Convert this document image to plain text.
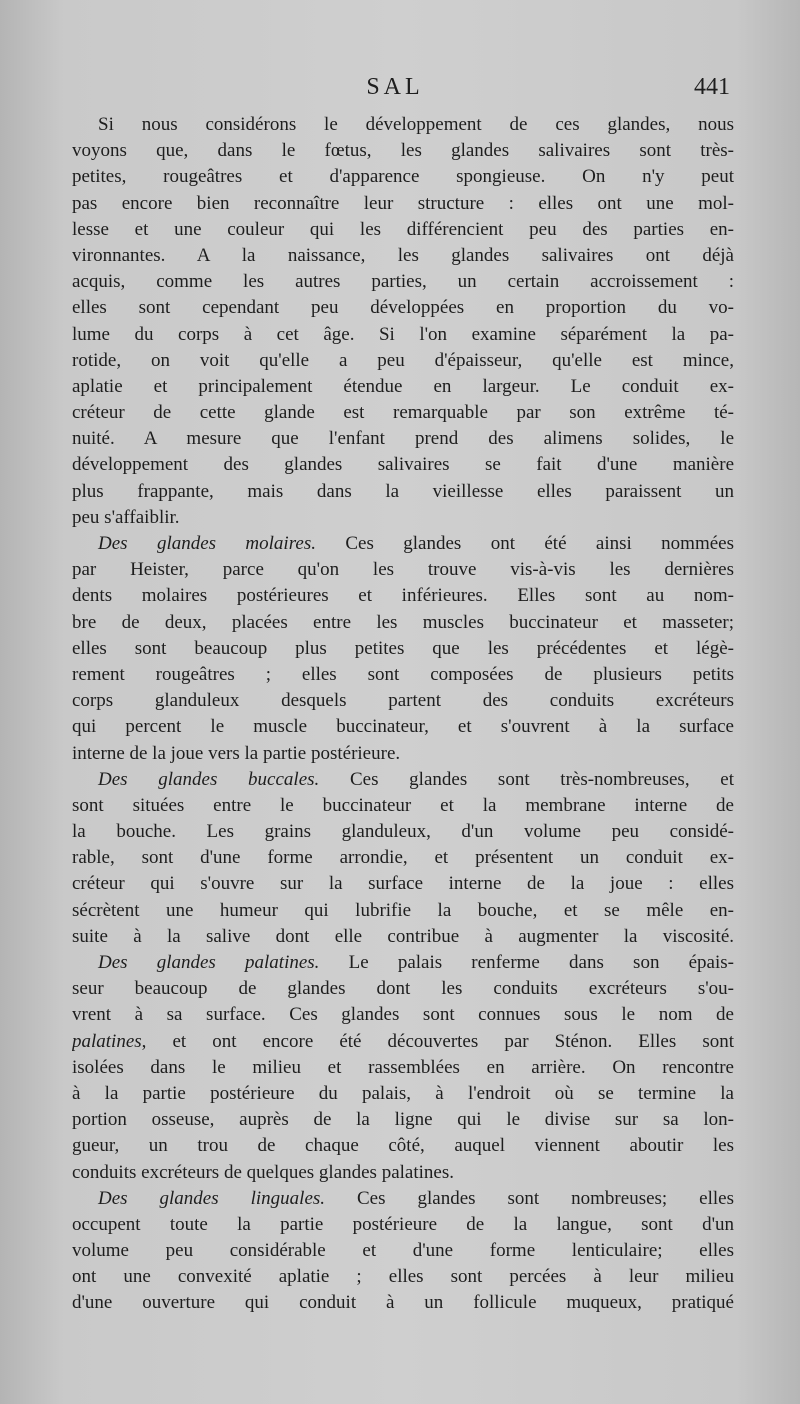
SAL	441
Si nous considérons le développement de ces glandes, nous
voyons que, dans le fœtus, les glandes salivaires sont très-
petites, rougeâtres et d'apparence spongieuse. On n'y peut
pas encore bien reconnaître leur structure : elles ont une mol-
lesse et une couleur qui les différencient peu des parties en-
vironnantes. A la naissance, les glandes salivaires ont déjà
acquis, comme les autres parties, un certain accroissement :
elles sont cependant peu développées en proportion du vo-
lume du corps à cet âge. Si l'on examine séparément la pa-
rotide, on voit qu'elle a peu d'épaisseur, qu'elle est mince,
aplatie et principalement étendue en largeur. Le conduit ex-
créteur de cette glande est remarquable par son extrême té-
nuité. A mesure que l'enfant prend des alimens solides, le
développement des glandes salivaires se fait d'une manière
plus frappante, mais dans la vieillesse elles paraissent un
peu s'affaiblir.
Des glandes molaires. Ces glandes ont été ainsi nommées
par Heister, parce qu'on les trouve vis-à-vis les dernières
dents molaires postérieures et inférieures. Elles sont au nom-
bre de deux, placées entre les muscles buccinateur et masseter;
elles sont beaucoup plus petites que les précédentes et légè-
rement rougeâtres ; elles sont composées de plusieurs petits
corps glanduleux desquels partent des conduits excréteurs
qui percent le muscle buccinateur, et s'ouvrent à la surface
interne de la joue vers la partie postérieure.
Des glandes buccales. Ces glandes sont très-nombreuses, et
sont situées entre le buccinateur et la membrane interne de
la bouche. Les grains glanduleux, d'un volume peu considé-
rable, sont d'une forme arrondie, et présentent un conduit ex-
créteur qui s'ouvre sur la surface interne de la joue : elles
sécrètent une humeur qui lubrifie la bouche, et se mêle en-
suite à la salive dont elle contribue à augmenter la viscosité.
Des glandes palatines. Le palais renferme dans son épais-
seur beaucoup de glandes dont les conduits excréteurs s'ou-
vrent à sa surface. Ces glandes sont connues sous le nom de
palatines, et ont encore été découvertes par Sténon. Elles sont
isolées dans le milieu et rassemblées en arrière. On rencontre
à la partie postérieure du palais, à l'endroit où se termine la
portion osseuse, auprès de la ligne qui le divise sur sa lon-
gueur, un trou de chaque côté, auquel viennent aboutir les
conduits excréteurs de quelques glandes palatines.
Des glandes linguales. Ces glandes sont nombreuses; elles
occupent toute la partie postérieure de la langue, sont d'un
volume peu considérable et d'une forme lenticulaire; elles
ont une convexité aplatie ; elles sont percées à leur milieu
d'une ouverture qui conduit à un follicule muqueux, pratiqué
